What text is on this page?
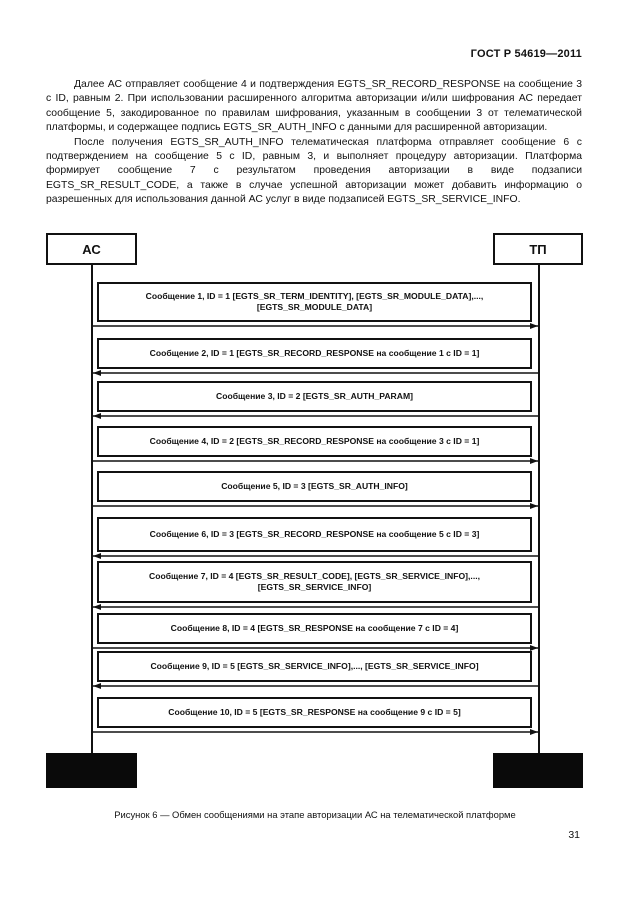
ГОСТ Р 54619—2011

Далее АС отправляет сообщение 4 и подтверждения EGTS_SR_RECORD_RESPONSE на сообщение 3 с ID, равным 2. При использовании расширенного алгоритма авторизации и/или шифрования АС передает сообщение 5, закодированное по правилам шифрования, указанным в сообщении 3 от телематической платформы, и содержащее подпись EGTS_SR_AUTH_INFO с данными для расширенной авторизации.

После получения EGTS_SR_AUTH_INFO телематическая платформа отправляет сообщение 6 с подтверждением на сообщение 5 с ID, равным 3, и выполняет процедуру авторизации. Платформа формирует сообщение 7 с результатом проведения авторизации в виде подзаписи EGTS_SR_RESULT_CODE, а также в случае успешной авторизации может добавить информацию о разрешенных для использования данной АС услуг в виде подзаписей EGTS_SR_SERVICE_INFO.

АС	ТП
Сообщение 1, ID = 1 [EGTS_SR_TERM_IDENTITY], [EGTS_SR_MODULE_DATA],..., [EGTS_SR_MODULE_DATA]
Сообщение 2, ID = 1 [EGTS_SR_RECORD_RESPONSE на сообщение 1 с ID = 1]
Сообщение 3, ID = 2 [EGTS_SR_AUTH_PARAM]
Сообщение 4, ID = 2 [EGTS_SR_RECORD_RESPONSE на сообщение 3 с ID = 1]
Сообщение 5, ID = 3 [EGTS_SR_AUTH_INFO]
Сообщение 6, ID = 3 [EGTS_SR_RECORD_RESPONSE на сообщение 5 с ID = 3]
Сообщение 7, ID = 4 [EGTS_SR_RESULT_CODE], [EGTS_SR_SERVICE_INFO],..., [EGTS_SR_SERVICE_INFO]
Сообщение 8, ID = 4 [EGTS_SR_RESPONSE на сообщение 7 с ID = 4]
Сообщение 9, ID = 5 [EGTS_SR_SERVICE_INFO],..., [EGTS_SR_SERVICE_INFO]
Сообщение 10, ID = 5 [EGTS_SR_RESPONSE на сообщение 9 с ID = 5]
Рисунок 6 — Обмен сообщениями на этапе авторизации АС на телематической платформе
31
